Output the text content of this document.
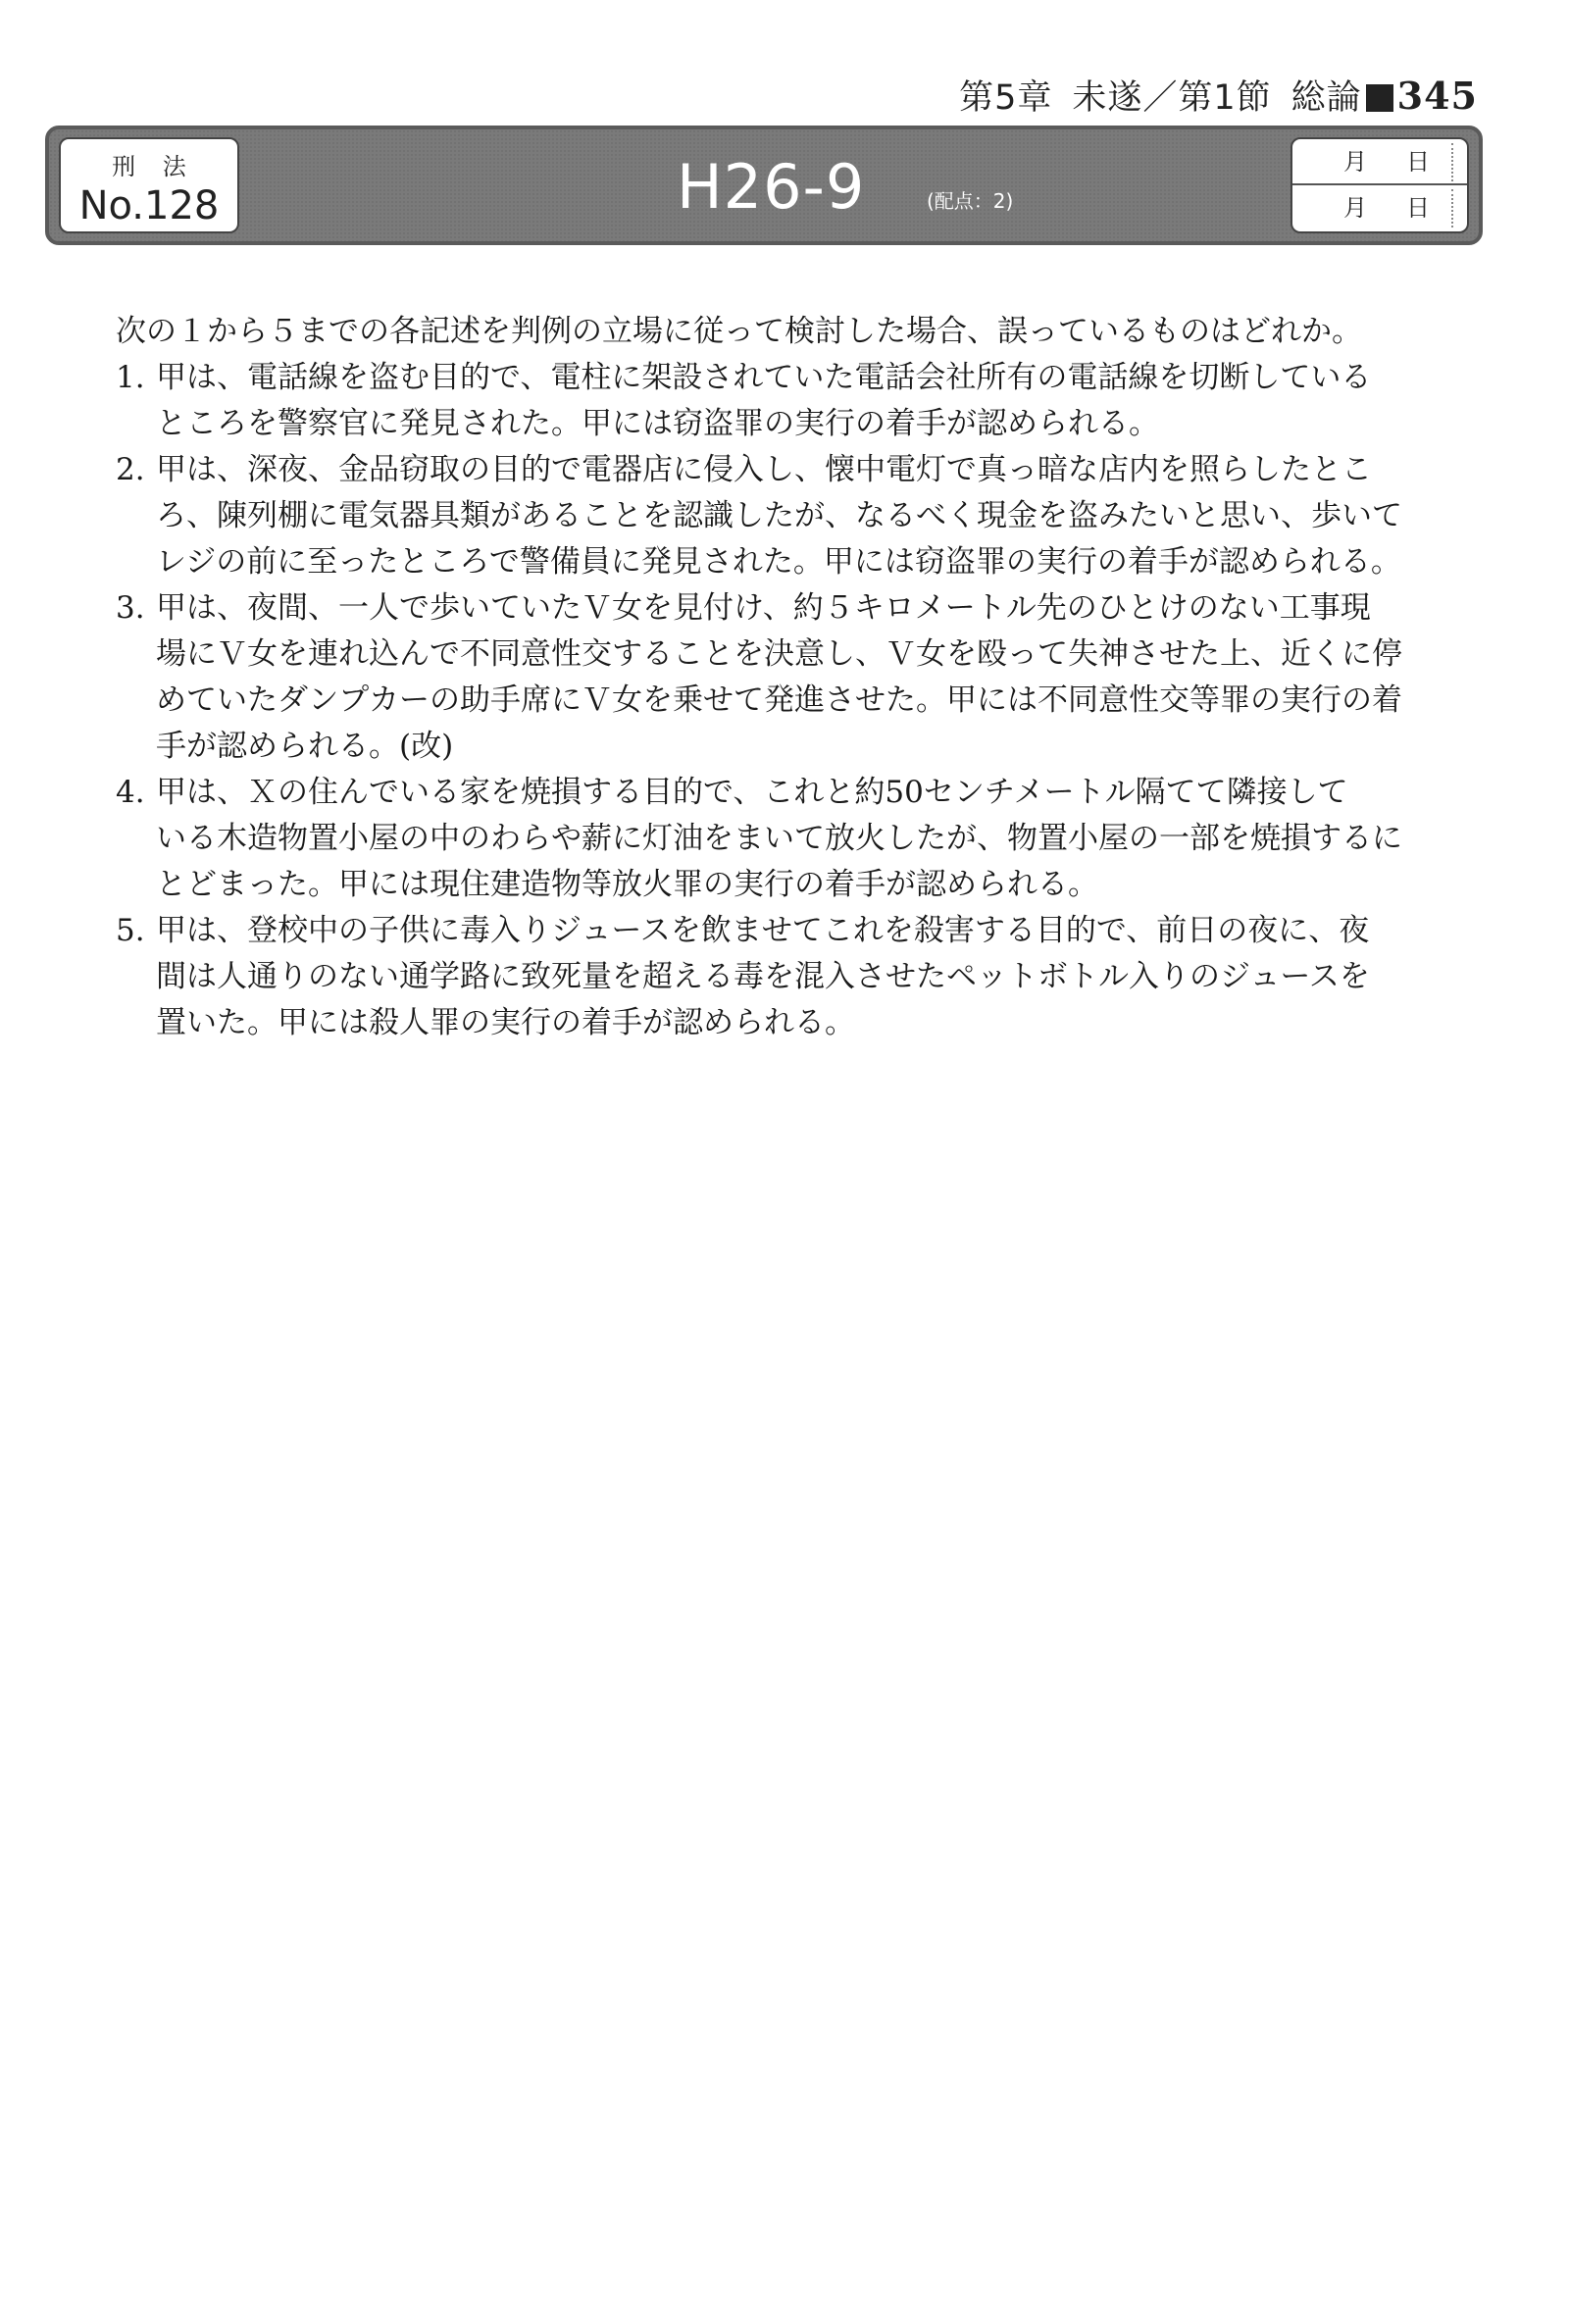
第5章 未遂／第1節 総論 345
刑 法
No.128	H26-9	(配点：2)
月 日
月 日
次の１から５までの各記述を判例の立場に従って検討した場合、誤っているものはどれか。
1. 甲は、電話線を盗む目的で、電柱に架設されていた電話会社所有の電話線を切断している
ところを警察官に発見された。甲には窃盗罪の実行の着手が認められる。
2. 甲は、深夜、金品窃取の目的で電器店に侵入し、懐中電灯で真っ暗な店内を照らしたとこ
ろ、陳列棚に電気器具類があることを認識したが、なるべく現金を盗みたいと思い、歩いて
レジの前に至ったところで警備員に発見された。甲には窃盗罪の実行の着手が認められる。
3. 甲は、夜間、一人で歩いていたＶ女を見付け、約５キロメートル先のひとけのない工事現
場にＶ女を連れ込んで不同意性交することを決意し、Ｖ女を殴って失神させた上、近くに停
めていたダンプカーの助手席にＶ女を乗せて発進させた。甲には不同意性交等罪の実行の着
手が認められる。(改)
4. 甲は、Ｘの住んでいる家を焼損する目的で、これと約50センチメートル隔てて隣接して
いる木造物置小屋の中のわらや薪に灯油をまいて放火したが、物置小屋の一部を焼損するに
とどまった。甲には現住建造物等放火罪の実行の着手が認められる。
5. 甲は、登校中の子供に毒入りジュースを飲ませてこれを殺害する目的で、前日の夜に、夜
間は人通りのない通学路に致死量を超える毒を混入させたペットボトル入りのジュースを
置いた。甲には殺人罪の実行の着手が認められる。
